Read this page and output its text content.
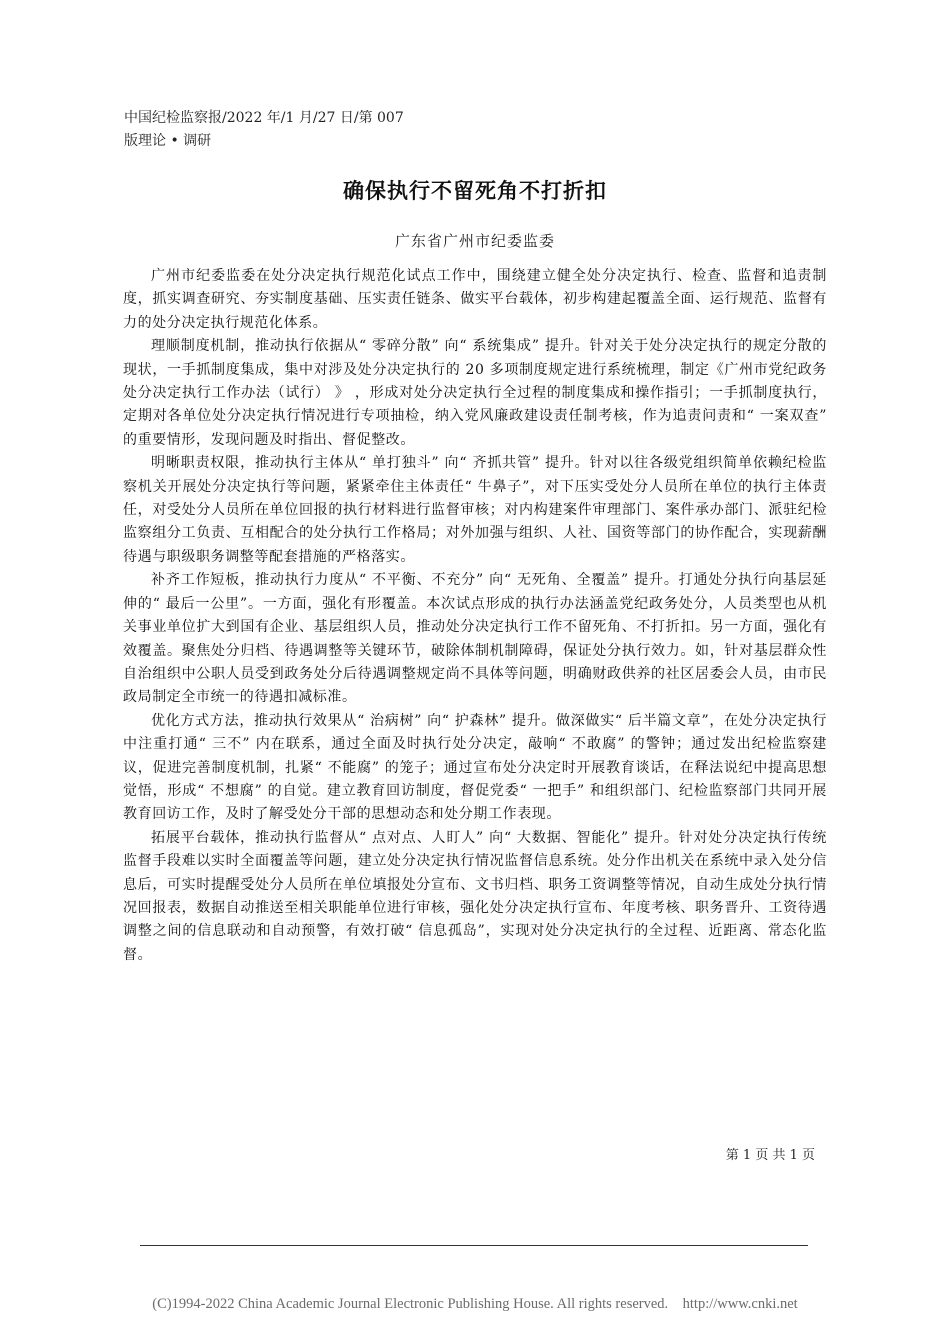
中国纪检监察报/2022 年/1 月/27 日/第 007
版理论 • 调研
确保执行不留死角不打折扣
广东省广州市纪委监委

广州市纪委监委在处分决定执行规范化试点工作中，围绕建立健全处分决定执行、检查、监督和追责制度，抓实调查研究、夯实制度基础、压实责任链条、做实平台载体，初步构建起覆盖全面、运行规范、监督有力的处分决定执行规范化体系。

理顺制度机制，推动执行依据从“ 零碎分散” 向“ 系统集成” 提升。针对关于处分决定执行的规定分散的现状，一手抓制度集成，集中对涉及处分决定执行的 20 多项制度规定进行系统梳理，制定《广州市党纪政务处分决定执行工作办法（试行） 》 ，形成对处分决定执行全过程的制度集成和操作指引；一手抓制度执行，定期对各单位处分决定执行情况进行专项抽检，纳入党风廉政建设责任制考核，作为追责问责和“ 一案双查” 的重要情形，发现问题及时指出、督促整改。

明晰职责权限，推动执行主体从“ 单打独斗” 向“ 齐抓共管” 提升。针对以往各级党组织简单依赖纪检监察机关开展处分决定执行等问题，紧紧牵住主体责任“ 牛鼻子”，对下压实受处分人员所在单位的执行主体责任，对受处分人员所在单位回报的执行材料进行监督审核；对内构建案件审理部门、案件承办部门、派驻纪检监察组分工负责、互相配合的处分执行工作格局；对外加强与组织、人社、国资等部门的协作配合，实现薪酬待遇与职级职务调整等配套措施的严格落实。

补齐工作短板，推动执行力度从“ 不平衡、不充分” 向“ 无死角、全覆盖” 提升。打通处分执行向基层延伸的“ 最后一公里”。一方面，强化有形覆盖。本次试点形成的执行办法涵盖党纪政务处分，人员类型也从机关事业单位扩大到国有企业、基层组织人员，推动处分决定执行工作不留死角、不打折扣。另一方面，强化有效覆盖。聚焦处分归档、待遇调整等关键环节，破除体制机制障碍，保证处分执行效力。如，针对基层群众性自治组织中公职人员受到政务处分后待遇调整规定尚不具体等问题，明确财政供养的社区居委会人员，由市民政局制定全市统一的待遇扣减标准。

优化方式方法，推动执行效果从“ 治病树” 向“ 护森林” 提升。做深做实“ 后半篇文章”，在处分决定执行中注重打通“ 三不” 内在联系，通过全面及时执行处分决定，敲响“ 不敢腐” 的警钟；通过发出纪检监察建议，促进完善制度机制，扎紧“ 不能腐” 的笼子；通过宣布处分决定时开展教育谈话，在释法说纪中提高思想觉悟，形成“ 不想腐” 的自觉。建立教育回访制度，督促党委“ 一把手” 和组织部门、纪检监察部门共同开展教育回访工作，及时了解受处分干部的思想动态和处分期工作表现。

拓展平台载体，推动执行监督从“ 点对点、人盯人” 向“ 大数据、智能化” 提升。针对处分决定执行传统监督手段难以实时全面覆盖等问题，建立处分决定执行情况监督信息系统。处分作出机关在系统中录入处分信息后，可实时提醒受处分人员所在单位填报处分宣布、文书归档、职务工资调整等情况，自动生成处分执行情况回报表，数据自动推送至相关职能单位进行审核，强化处分决定执行宣布、年度考核、职务晋升、工资待遇调整之间的信息联动和自动预警，有效打破“ 信息孤岛”，实现对处分决定执行的全过程、近距离、常态化监督。

第 1 页 共 1 页
(C)1994-2022 China Academic Journal Electronic Publishing House. All rights reserved.    http://www.cnki.net
